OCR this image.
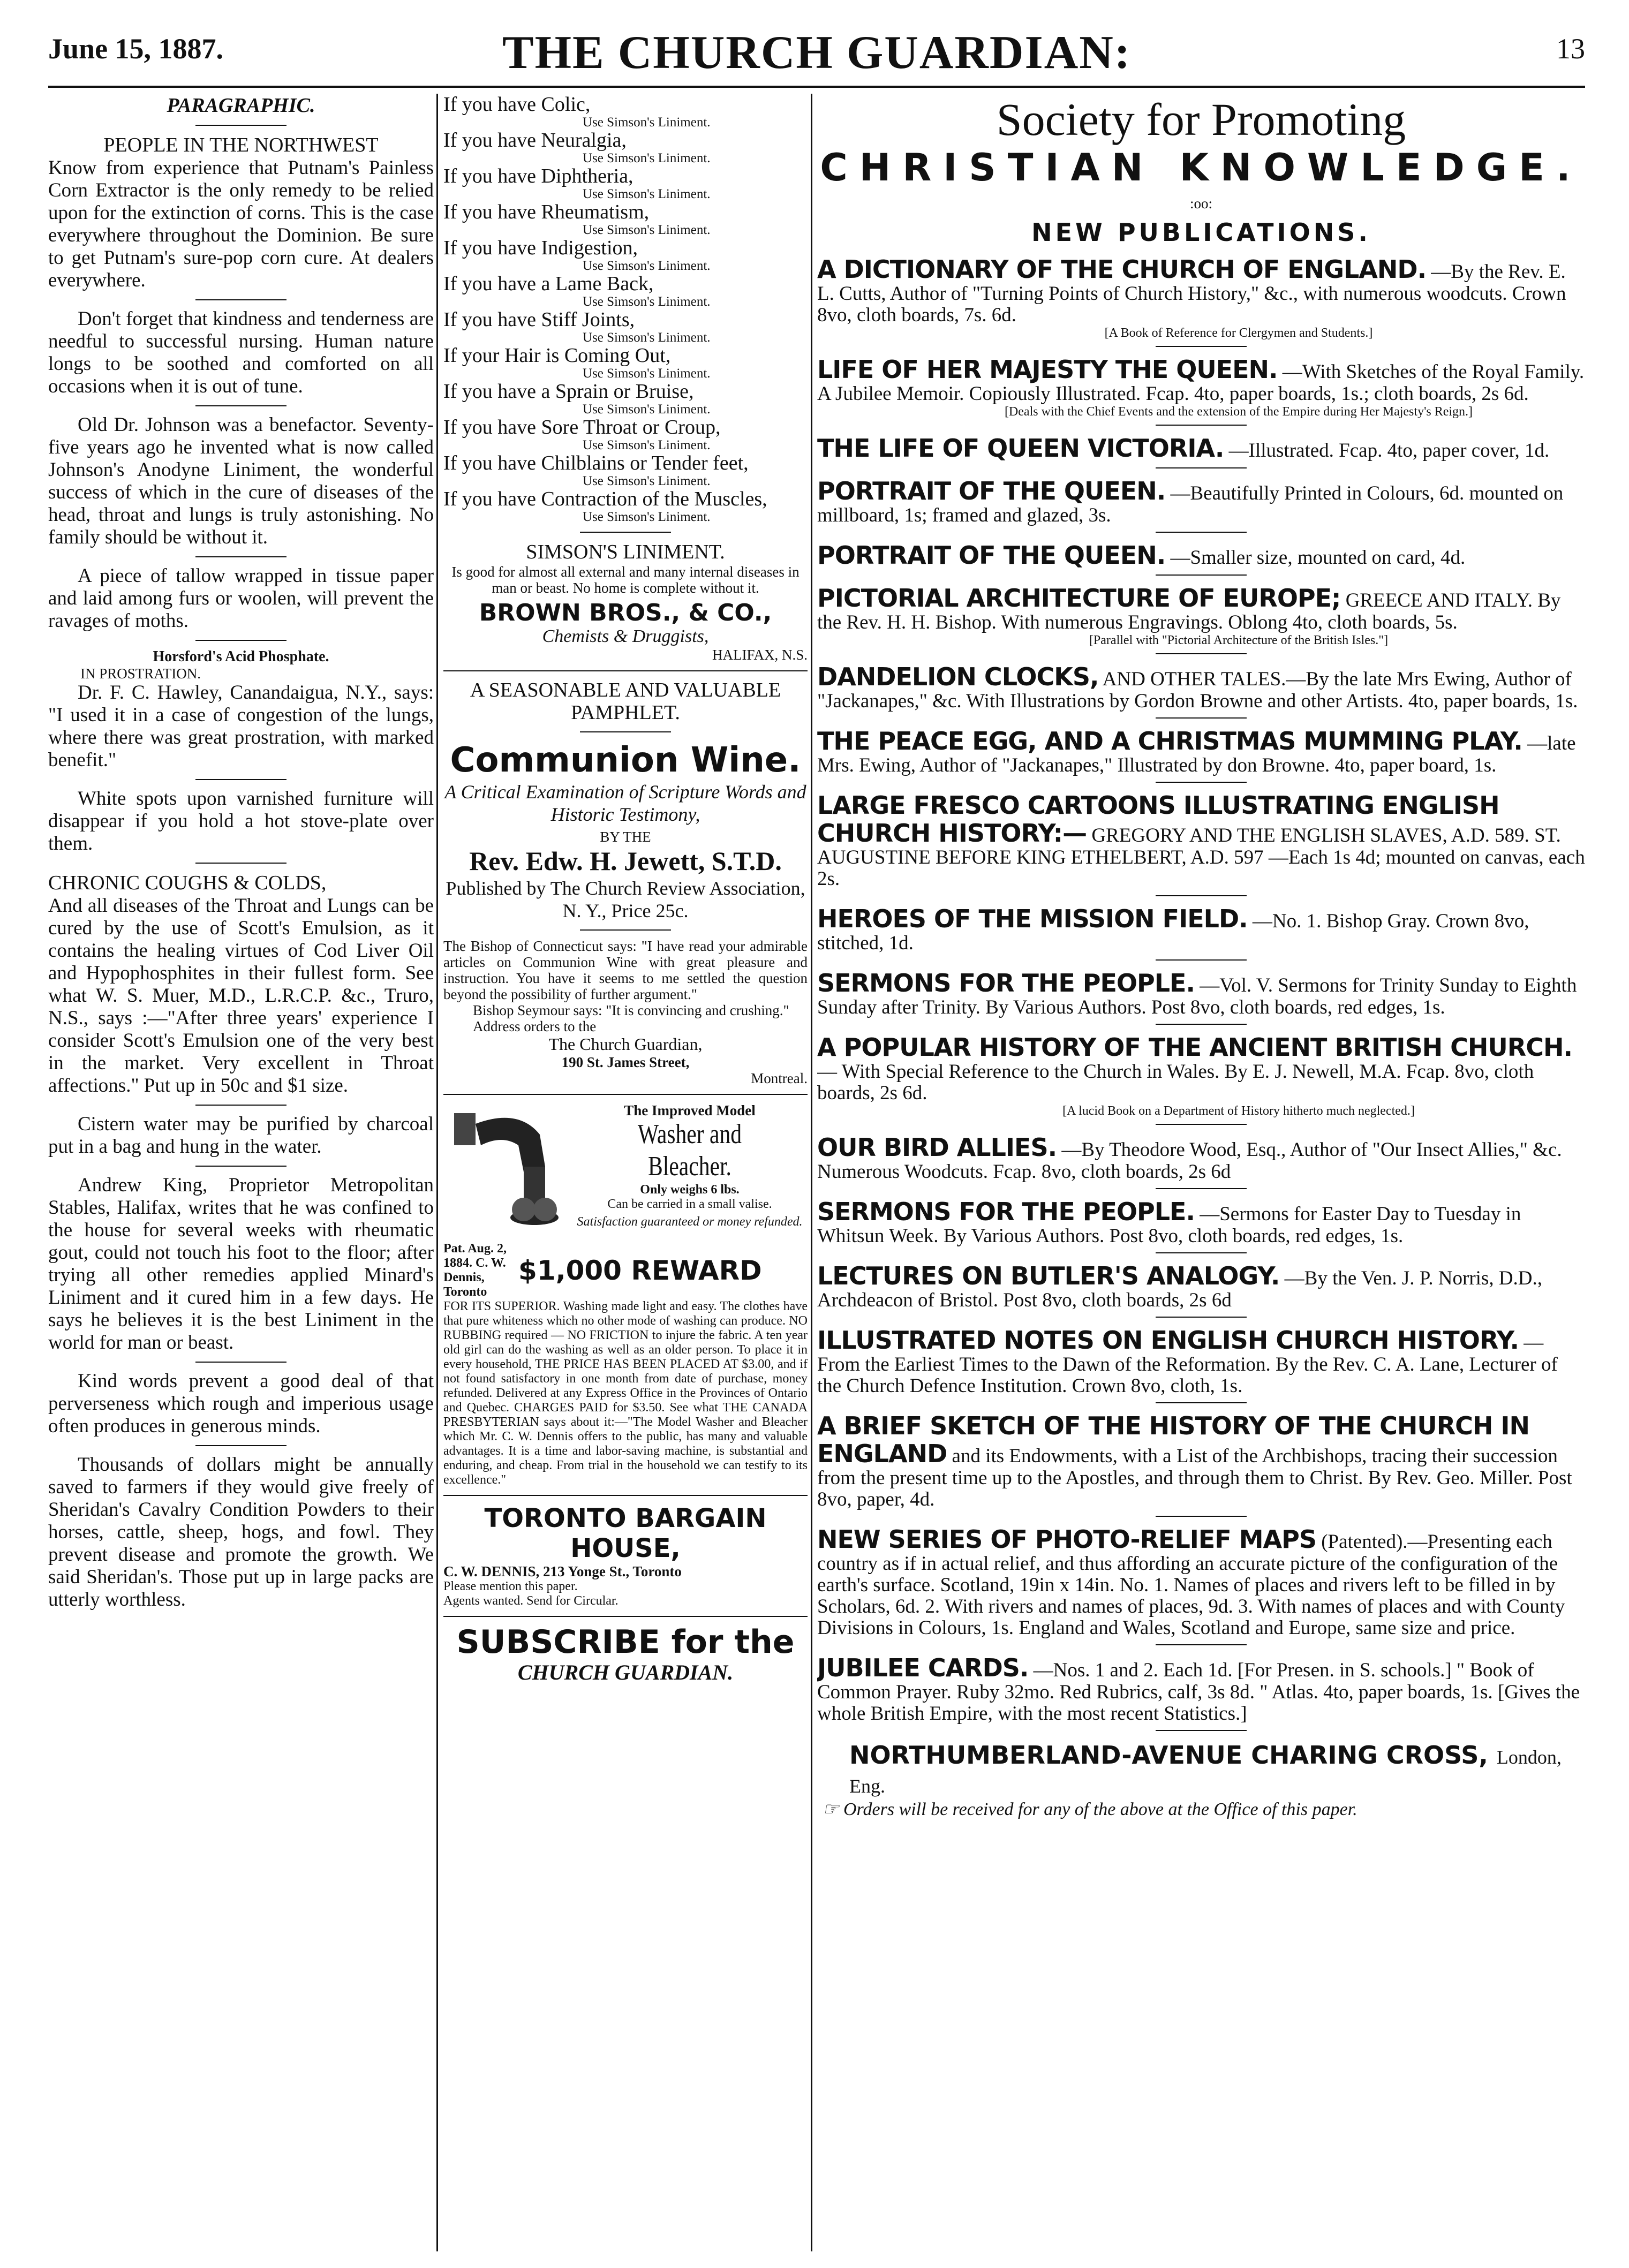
June 15, 1887.	THE CHURCH GUARDIAN:	13

PARAGRAPHIC.

PEOPLE IN THE NORTHWEST

Know from experience that Putnam's Painless Corn Extractor is the only remedy to be relied upon for the extinction of corns. This is the case everywhere throughout the Dominion. Be sure to get Putnam's sure-pop corn cure. At dealers everywhere.

Don't forget that kindness and tenderness are needful to successful nursing. Human nature longs to be soothed and comforted on all occasions when it is out of tune.

Old Dr. Johnson was a benefactor. Seventy-five years ago he invented what is now called Johnson's Anodyne Liniment, the wonderful success of which in the cure of diseases of the head, throat and lungs is truly astonishing. No family should be without it.

A piece of tallow wrapped in tissue paper and laid among furs or woolen, will prevent the ravages of moths.

Horsford's Acid Phosphate.

IN PROSTRATION.

Dr. F. C. Hawley, Canandaigua, N.Y., says: "I used it in a case of congestion of the lungs, where there was great prostration, with marked benefit."

White spots upon varnished furniture will disappear if you hold a hot stove-plate over them.

CHRONIC COUGHS & COLDS,

And all diseases of the Throat and Lungs can be cured by the use of Scott's Emulsion, as it contains the healing virtues of Cod Liver Oil and Hypophosphites in their fullest form. See what W. S. Muer, M.D., L.R.C.P. &c., Truro, N.S., says :—"After three years' experience I consider Scott's Emulsion one of the very best in the market. Very excellent in Throat affections." Put up in 50c and $1 size.

Cistern water may be purified by charcoal put in a bag and hung in the water.

Andrew King, Proprietor Metropolitan Stables, Halifax, writes that he was confined to the house for several weeks with rheumatic gout, could not touch his foot to the floor; after trying all other remedies applied Minard's Liniment and it cured him in a few days. He says he believes it is the best Liniment in the world for man or beast.

Kind words prevent a good deal of that perverseness which rough and imperious usage often produces in generous minds.

Thousands of dollars might be annually saved to farmers if they would give freely of Sheridan's Cavalry Condition Powders to their horses, cattle, sheep, hogs, and fowl. They prevent disease and promote the growth. We said Sheridan's. Those put up in large packs are utterly worthless.

If you have Colic,

Use Simson's Liniment.

If you have Neuralgia,

Use Simson's Liniment.

If you have Diphtheria,

Use Simson's Liniment.

If you have Rheumatism,

Use Simson's Liniment.

If you have Indigestion,

Use Simson's Liniment.

If you have a Lame Back,

Use Simson's Liniment.

If you have Stiff Joints,

Use Simson's Liniment.

If your Hair is Coming Out,

Use Simson's Liniment.

If you have a Sprain or Bruise,

Use Simson's Liniment.

If you have Sore Throat or Croup,

Use Simson's Liniment.

If you have Chilblains or Tender feet,

Use Simson's Liniment.

If you have Contraction of the Muscles,

Use Simson's Liniment.

SIMSON'S LINIMENT.

Is good for almost all external and many internal diseases in man or beast. No home is complete without it.

BROWN BROS., & CO.,

Chemists & Druggists,

HALIFAX, N.S.

A SEASONABLE AND VALUABLE PAMPHLET.

Communion Wine.

A Critical Examination of Scripture Words and Historic Testimony,

BY THE

Rev. Edw. H. Jewett, S.T.D.

Published by The Church Review Association, N. Y., Price 25c.

The Bishop of Connecticut says: "I have read your admirable articles on Communion Wine with great pleasure and instruction. You have it seems to me settled the question beyond the possibility of further argument."

Bishop Seymour says: "It is convincing and crushing."

Address orders to the

The Church Guardian,

190 St. James Street,

Montreal.

The Improved Model

Washer and Bleacher.

Only weighs 6 lbs.

Can be carried in a small valise.

Satisfaction guaranteed or money refunded.

Pat. Aug. 2, 1884. C. W. Dennis, Toronto

$1,000 REWARD

FOR ITS SUPERIOR. Washing made light and easy. The clothes have that pure whiteness which no other mode of washing can produce. NO RUBBING required — NO FRICTION to injure the fabric. A ten year old girl can do the washing as well as an older person. To place it in every household, THE PRICE HAS BEEN PLACED AT $3.00, and if not found satisfactory in one month from date of purchase, money refunded. Delivered at any Express Office in the Provinces of Ontario and Quebec. CHARGES PAID for $3.50. See what THE CANADA PRESBYTERIAN says about it:—"The Model Washer and Bleacher which Mr. C. W. Dennis offers to the public, has many and valuable advantages. It is a time and labor-saving machine, is substantial and enduring, and cheap. From trial in the household we can testify to its excellence."

TORONTO BARGAIN HOUSE,

C. W. DENNIS, 213 Yonge St., Toronto

Please mention this paper.

Agents wanted. Send for Circular.

SUBSCRIBE for the

CHURCH GUARDIAN.

Society for Promoting

CHRISTIAN KNOWLEDGE.

:oo:

NEW PUBLICATIONS.

A DICTIONARY OF THE CHURCH OF ENGLAND. —By the Rev. E. L. Cutts, Author of "Turning Points of Church History," &c., with numerous woodcuts. Crown 8vo, cloth boards, 7s. 6d.

[A Book of Reference for Clergymen and Students.]

LIFE OF HER MAJESTY THE QUEEN. —With Sketches of the Royal Family. A Jubilee Memoir. Copiously Illustrated. Fcap. 4to, paper boards, 1s.; cloth boards, 2s 6d.

[Deals with the Chief Events and the extension of the Empire during Her Majesty's Reign.]

THE LIFE OF QUEEN VICTORIA. —Illustrated. Fcap. 4to, paper cover, 1d.

PORTRAIT OF THE QUEEN. —Beautifully Printed in Colours, 6d. mounted on millboard, 1s; framed and glazed, 3s.

PORTRAIT OF THE QUEEN. —Smaller size, mounted on card, 4d.

PICTORIAL ARCHITECTURE OF EUROPE; GREECE AND ITALY. By the Rev. H. H. Bishop. With numerous Engravings. Oblong 4to, cloth boards, 5s.

[Parallel with "Pictorial Architecture of the British Isles."]

DANDELION CLOCKS, AND OTHER TALES.—By the late Mrs Ewing, Author of "Jackanapes," &c. With Illustrations by Gordon Browne and other Artists. 4to, paper boards, 1s.

THE PEACE EGG, AND A CHRISTMAS MUMMING PLAY. —late Mrs. Ewing, Author of "Jackanapes," Illustrated by don Browne. 4to, paper board, 1s.

LARGE FRESCO CARTOONS ILLUSTRATING ENGLISH CHURCH HISTORY:— GREGORY AND THE ENGLISH SLAVES, A.D. 589. ST. AUGUSTINE BEFORE KING ETHELBERT, A.D. 597 —Each 1s 4d; mounted on canvas, each 2s.

HEROES OF THE MISSION FIELD. —No. 1. Bishop Gray. Crown 8vo, stitched, 1d.

SERMONS FOR THE PEOPLE. —Vol. V. Sermons for Trinity Sunday to Eighth Sunday after Trinity. By Various Authors. Post 8vo, cloth boards, red edges, 1s.

A POPULAR HISTORY OF THE ANCIENT BRITISH CHURCH. — With Special Reference to the Church in Wales. By E. J. Newell, M.A. Fcap. 8vo, cloth boards, 2s 6d.

[A lucid Book on a Department of History hitherto much neglected.]

OUR BIRD ALLIES. —By Theodore Wood, Esq., Author of "Our Insect Allies," &c. Numerous Woodcuts. Fcap. 8vo, cloth boards, 2s 6d

SERMONS FOR THE PEOPLE. —Sermons for Easter Day to Tuesday in Whitsun Week. By Various Authors. Post 8vo, cloth boards, red edges, 1s.

LECTURES ON BUTLER'S ANALOGY. —By the Ven. J. P. Norris, D.D., Archdeacon of Bristol. Post 8vo, cloth boards, 2s 6d

ILLUSTRATED NOTES ON ENGLISH CHURCH HISTORY. —From the Earliest Times to the Dawn of the Reformation. By the Rev. C. A. Lane, Lecturer of the Church Defence Institution. Crown 8vo, cloth, 1s.

A BRIEF SKETCH OF THE HISTORY OF THE CHURCH IN ENGLAND and its Endowments, with a List of the Archbishops, tracing their succession from the present time up to the Apostles, and through them to Christ. By Rev. Geo. Miller. Post 8vo, paper, 4d.

NEW SERIES OF PHOTO-RELIEF MAPS (Patented).—Presenting each country as if in actual relief, and thus affording an accurate picture of the configuration of the earth's surface. Scotland, 19in x 14in. No. 1. Names of places and rivers left to be filled in by Scholars, 6d. 2. With rivers and names of places, 9d. 3. With names of places and with County Divisions in Colours, 1s. England and Wales, Scotland and Europe, same size and price.

JUBILEE CARDS. —Nos. 1 and 2. Each 1d. [For Presen. in S. schools.] " Book of Common Prayer. Ruby 32mo. Red Rubrics, calf, 3s 8d. " Atlas. 4to, paper boards, 1s. [Gives the whole British Empire, with the most recent Statistics.]

NORTHUMBERLAND-AVENUE CHARING CROSS, London, Eng.

☞ Orders will be received for any of the above at the Office of this paper.
